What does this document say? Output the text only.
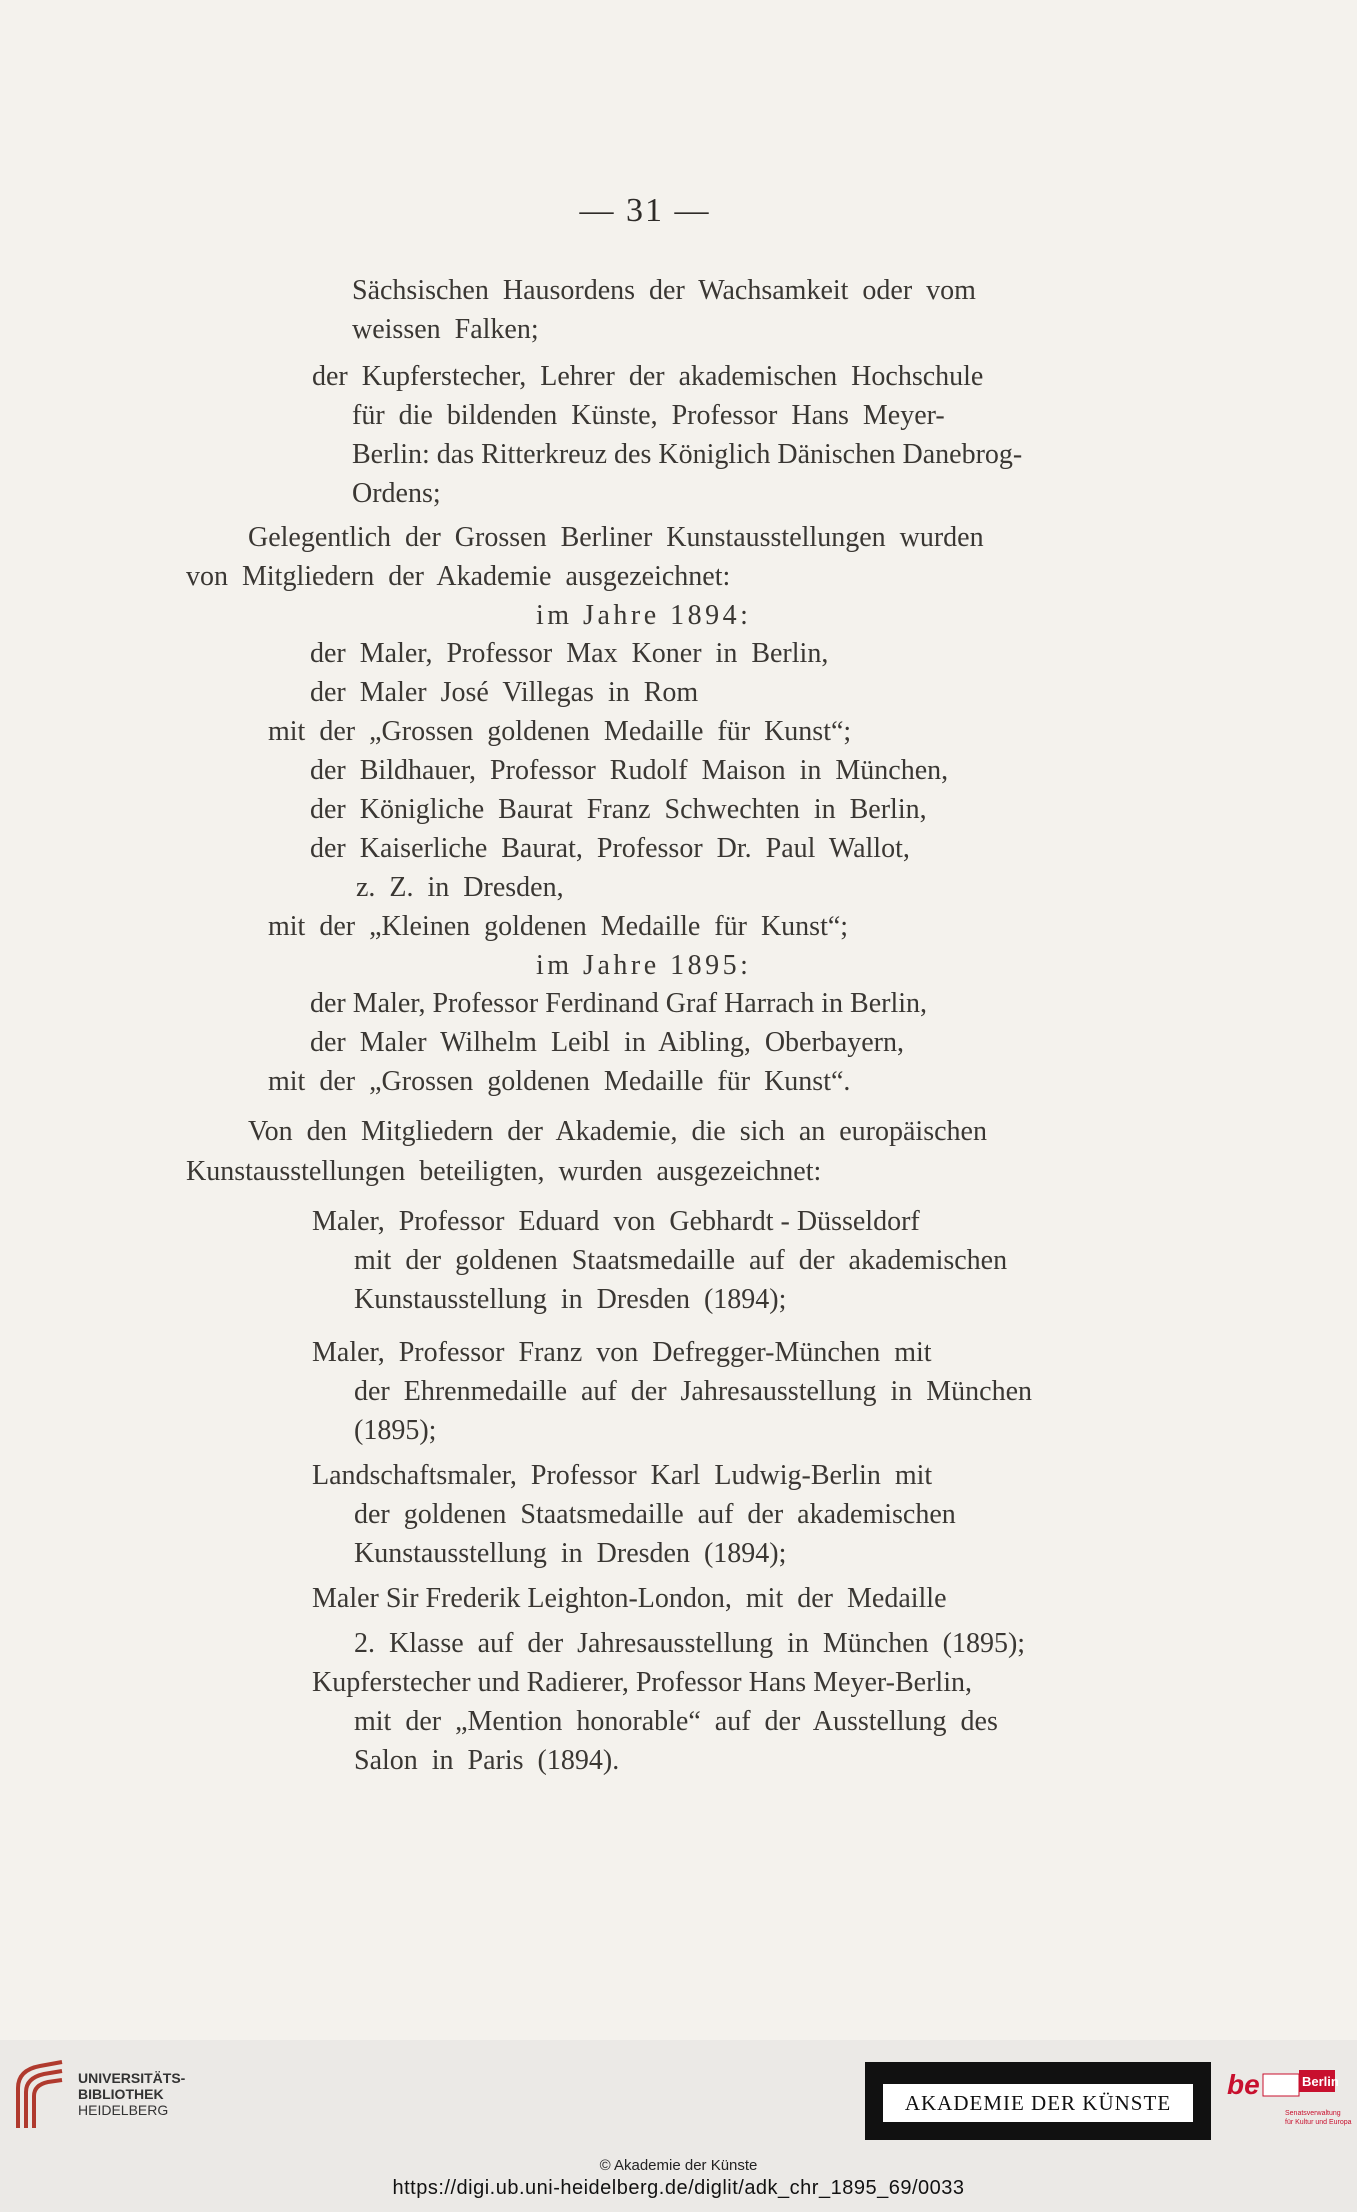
— 31 —
Sächsischen  Hausordens  der  Wachsamkeit  oder  vom
weissen  Falken;
der  Kupferstecher,  Lehrer  der  akademischen  Hochschule
für  die  bildenden  Künste,  Professor  Hans  Meyer-
Berlin: das Ritterkreuz des Königlich Dänischen Danebrog-
Ordens;
Gelegentlich  der  Grossen  Berliner  Kunstausstellungen  wurden
von  Mitgliedern  der  Akademie  ausgezeichnet:
im Jahre 1894:
der  Maler,  Professor  Max  Koner  in  Berlin,
der  Maler  José  Villegas  in  Rom
mit  der  „Grossen  goldenen  Medaille  für  Kunst“;
der  Bildhauer,  Professor  Rudolf  Maison  in  München,
der  Königliche  Baurat  Franz  Schwechten  in  Berlin,
der  Kaiserliche  Baurat,  Professor  Dr.  Paul  Wallot,
z.  Z.  in  Dresden,
mit  der  „Kleinen  goldenen  Medaille  für  Kunst“;
im Jahre 1895:
der Maler, Professor Ferdinand Graf Harrach in Berlin,
der  Maler  Wilhelm  Leibl  in  Aibling,  Oberbayern,
mit  der  „Grossen  goldenen  Medaille  für  Kunst“.
Von  den  Mitgliedern  der  Akademie,  die  sich  an  europäischen
Kunstausstellungen  beteiligten,  wurden  ausgezeichnet:
Maler,  Professor  Eduard  von  Gebhardt - Düsseldorf
mit  der  goldenen  Staatsmedaille  auf  der  akademischen
Kunstausstellung  in  Dresden  (1894);
Maler,  Professor  Franz  von  Defregger-München  mit
der  Ehrenmedaille  auf  der  Jahresausstellung  in  München
(1895);
Landschaftsmaler,  Professor  Karl  Ludwig-Berlin  mit
der  goldenen  Staatsmedaille  auf  der  akademischen
Kunstausstellung  in  Dresden  (1894);
Maler Sir Frederik Leighton-London,  mit  der  Medaille
2.  Klasse  auf  der  Jahresausstellung  in  München  (1895);
Kupferstecher und Radierer, Professor Hans Meyer-Berlin,
mit  der  „Mention  honorable“  auf  der  Ausstellung  des
Salon  in  Paris  (1894).
UNIVERSITÄTS-
BIBLIOTHEK
HEIDELBERG	AKADEMIE DER KÜNSTE
be	Berlin
Senatsverwaltung
für Kultur und Europa
© Akademie der Künste
https://digi.ub.uni-heidelberg.de/diglit/adk_chr_1895_69/0033
